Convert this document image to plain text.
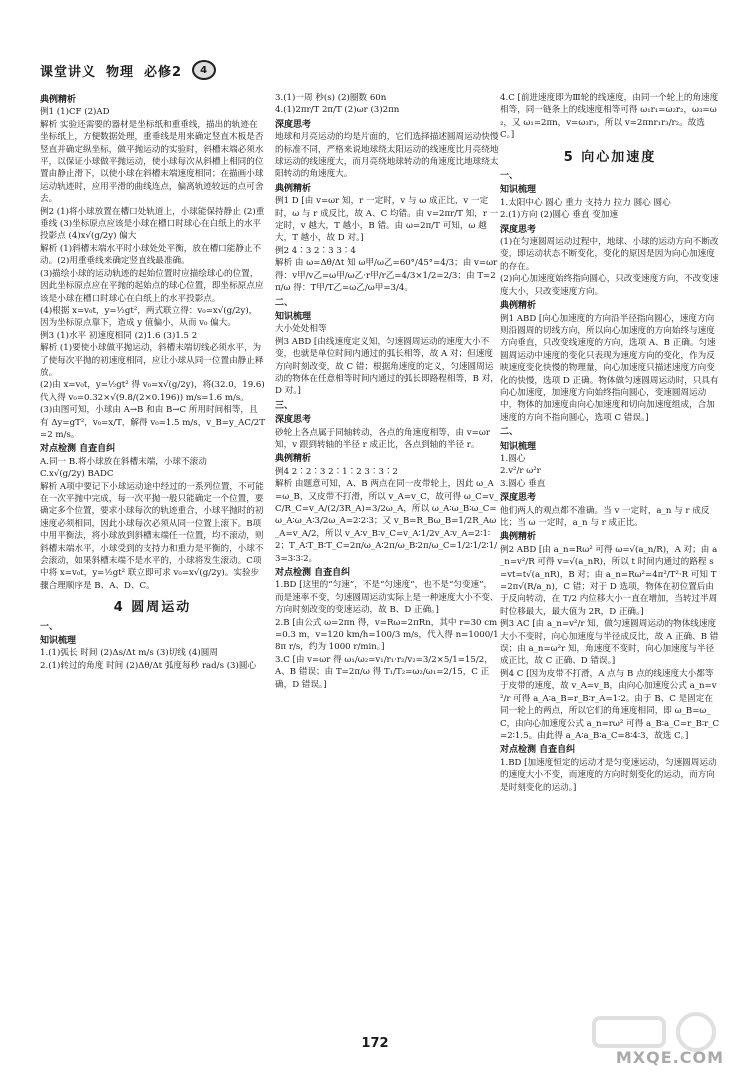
课堂讲义 物理 必修2	4
典例精析
例1 (1)CF (2)AD
解析 实验还需要的器材是坐标纸和重垂线，描出的轨迹在坐标纸上，方便数据处理，重垂线是用来确定竖直木板是否竖直并确定纵坐标，做平抛运动的实验时，斜槽末端必须水平，以保证小球做平抛运动，使小球每次从斜槽上相同的位置由静止滑下，以使小球在斜槽末端速度相同；在描画小球运动轨迹时，应用平滑的曲线连点，偏离轨迹较远的点可舍去。
例2 (1)将小球放置在槽口处轨道上，小球能保持静止 (2)重垂线 (3)坐标原点应该是小球在槽口时球心在白纸上的水平投影点 (4)x√(g/2y) 偏大
解析 (1)斜槽末端水平时小球处处平衡，放在槽口能静止不动。(2)用重垂线来确定竖直线最准确。
(3)描绘小球的运动轨迹的起始位置时应描绘球心的位置，因此坐标原点应在平抛的起始点的球心位置，即坐标原点应该是小球在槽口时球心在白纸上的水平投影点。
(4)根据 x=v₀t，y=½gt²，两式联立得：v₀=x√(g/2y)，因为坐标原点靠下，造成 y 值偏小，从而 v₀ 偏大。
例3 (1)水平 初速度相同 (2)1.6 (3)1.5 2
解析 (1)要使小球做平抛运动，斜槽末端切线必须水平，为了使每次平抛的初速度相同，应让小球从同一位置由静止释放。
(2)由 x=v₀t，y=½gt² 得 v₀=x√(g/2y)，将(32.0，19.6)代入得 v₀=0.32×√(9.8/(2×0.196)) m/s=1.6 m/s。
(3)由图可知，小球由 A→B 和由 B→C 所用时间相等，且有 Δy=gT²，v₀=x/T，解得 v₀=1.5 m/s，v_B=y_AC/2T=2 m/s。
对点检测 自查自纠
A.同一 B.将小球放在斜槽末端，小球不滚动
C.x√(g/2y) BADC
解析 A项中要记下小球运动途中经过的一系列位置，不可能在一次平抛中完成，每一次平抛一般只能确定一个位置，要确定多个位置，要求小球每次的轨迹重合，小球平抛时的初速度必须相同，因此小球每次必须从同一位置上滚下。B项中用平衡法，将小球放到斜槽末端任一位置，均不滚动，则斜槽末端水平，小球受到的支持力和重力是平衡的，小球不会滚动，如果斜槽末端不是水平的，小球将发生滚动。C项中将 x=v₀t，y=½gt² 联立即可求 v₀=x√(g/2y)。实验步骤合理顺序是 B、A、D、C。
4 圆周运动
一、
知识梳理
1.(1)弧长 时间 (2)Δs/Δt m/s (3)切线 (4)圆周
2.(1)转过的角度 时间 (2)Δθ/Δt 弧度每秒 rad/s (3)圆心
3.(1)一周 秒(s) (2)圈数 60n
4.(1)2πr/T 2π/T (2)ωr (3)2πn
深度思考
地球和月亮运动的均是片面的，它们选择描述圆周运动快慢的标准不同，严格来说地球绕太阳运动的线速度比月亮绕地球运动的线速度大，而月亮绕地球转动的角速度比地球绕太阳转动的角速度大。
典例精析
例1 D [由 v=ωr 知，r 一定时，v 与 ω 成正比，v 一定时，ω 与 r 成反比，故 A、C 均错。由 v=2πr/T 知，r 一定时，v 越大，T 越小，B 错。由 ω=2π/T 可知，ω 越大，T 越小，故 D 对。]
例2 4∶3 2∶3 3∶4
解析 由 ω=Δθ/Δt 知 ω甲/ω乙=60°/45°=4/3；由 v=ωr 得：v甲/v乙=ω甲/ω乙·r甲/r乙=4/3×1/2=2/3；由 T=2π/ω 得：T甲/T乙=ω乙/ω甲=3/4。
二、
知识梳理
大小处处相等
例3 ABD [由线速度定义知，匀速圆周运动的速度大小不变，也就是单位时间内通过的弧长相等，故 A 对；但速度方向时刻改变，故 C 错；根据角速度的定义，匀速圆周运动的物体在任意相等时间内通过的弧长即路程相等，B 对，D 对。]
三、
深度思考
砂轮上各点属于同轴转动，各点的角速度相等，由 v=ωr 知，v 跟到转轴的半径 r 成正比，各点到轴的半径 r。
典例精析
例4 2∶2∶3 2∶1∶2 3∶3∶2
解析 由题意可知，A、B 两点在同一皮带轮上，因此 ω_A=ω_B，又皮带不打滑，所以 v_A=v_C，故可得 ω_C=v_C/R_C=v_A/(2/3R_A)=3/2ω_A，所以 ω_A∶ω_B∶ω_C=ω_A∶ω_A∶3/2ω_A=2∶2∶3；又 v_B=R_Bω_B=1/2R_Aω_A=v_A/2，所以 v_A∶v_B∶v_C=v_A∶1/2v_A∶v_A=2∶1∶2；T_A∶T_B∶T_C=2π/ω_A∶2π/ω_B∶2π/ω_C=1/2∶1/2∶1/3=3∶3∶2。
对点检测 自查自纠
1.BD [这里的“匀速”，不是“匀速度”，也不是“匀变速”，而是速率不变，匀速圆周运动实际上是一种速度大小不变、方向时刻改变的变速运动，故 B、D 正确。]
2.B [由公式 ω=2πn 得，v=Rω=2πRn，其中 r=30 cm=0.3 m，v=120 km/h=100/3 m/s，代入得 n=1000/18π r/s，约为 1000 r/min。]
3.C [由 v=ωr 得 ω₁/ω₂=v₁/r₁·r₂/v₂=3/2×5/1=15/2，A、B 错误；由 T=2π/ω 得 T₁/T₂=ω₂/ω₁=2/15，C 正确，D 错误。]
4.C [前进速度即为Ⅲ轮的线速度，由同一个轮上的角速度相等，同一链条上的线速度相等可得 ω₁r₁=ω₂r₂，ω₃=ω₂，又 ω₁=2πn，v=ω₃r₃，所以 v=2πnr₁r₃/r₂。故选 C。]
5 向心加速度
一、
知识梳理
1.太阳中心 圆心 重力 支持力 拉力 圆心 圆心
2.(1)方向 (2)圆心 垂直 变加速
深度思考
(1)在匀速圆周运动过程中，地球、小球的运动方向不断改变，即运动状态不断变化，变化的原因是因为向心加速度的存在。
(2)向心加速度始终指向圆心，只改变速度方向，不改变速度大小，只改变速度方向。
典例精析
例1 ABD [向心加速度的方向沿半径指向圆心，速度方向则沿圆周的切线方向，所以向心加速度的方向始终与速度方向垂直，只改变线速度的方向，选项 A、B 正确。匀速圆周运动中速度的变化只表现为速度方向的变化，作为反映速度变化快慢的物理量，向心加速度只描述速度方向变化的快慢，选项 D 正确。物体做匀速圆周运动时，只具有向心加速度，加速度方向始终指向圆心，变速圆周运动中，物体的加速度由向心加速度和切向加速度组成，合加速度的方向不指向圆心，选项 C 错误。]
二、
知识梳理
1.圆心
2.v²/r ω²r
3.圆心 垂直
深度思考
他们两人的观点都不准确。当 v 一定时，a_n 与 r 成反比；当 ω 一定时，a_n 与 r 成正比。
典例精析
例2 ABD [由 a_n=Rω² 可得 ω=√(a_n/R)，A 对；由 a_n=v²/R 可得 v=√(a_nR)，所以 t 时间内通过的路程 s=vt=t√(a_nR)，B 对；由 a_n=Rω²=4π²/T²·R 可知 T=2π√(R/a_n)，C 错；对于 D 选项，物体在初位置后由于反向转动，在 T/2 内位移大小一直在增加，当转过半周时位移最大，最大值为 2R，D 正确。]
例3 AC [由 a_n=v²/r 知，做匀速圆周运动的物体线速度大小不变时，向心加速度与半径成反比，故 A 正确、B 错误；由 a_n=ω²r 知，角速度不变时，向心加速度与半径成正比，故 C 正确、D 错误。]
例4 C [因为皮带不打滑，A 点与 B 点的线速度大小都等于皮带的速度，故 v_A=v_B，由向心加速度公式 a_n=v²/r 可得 a_A∶a_B=r_B∶r_A=1∶2。由于 B、C 是固定在同一轮上的两点，所以它们的角速度相同，即 ω_B=ω_C，由向心加速度公式 a_n=rω² 可得 a_B∶a_C=r_B∶r_C=2∶1.5。由此得 a_A∶a_B∶a_C=8∶4∶3，故选 C。]
对点检测 自查自纠
1.BD [加速度恒定的运动才是匀变速运动，匀速圆周运动的速度大小不变，而速度的方向时刻变化的运动，而方向是时刻变化的运动。]
172
MXQE.COM
